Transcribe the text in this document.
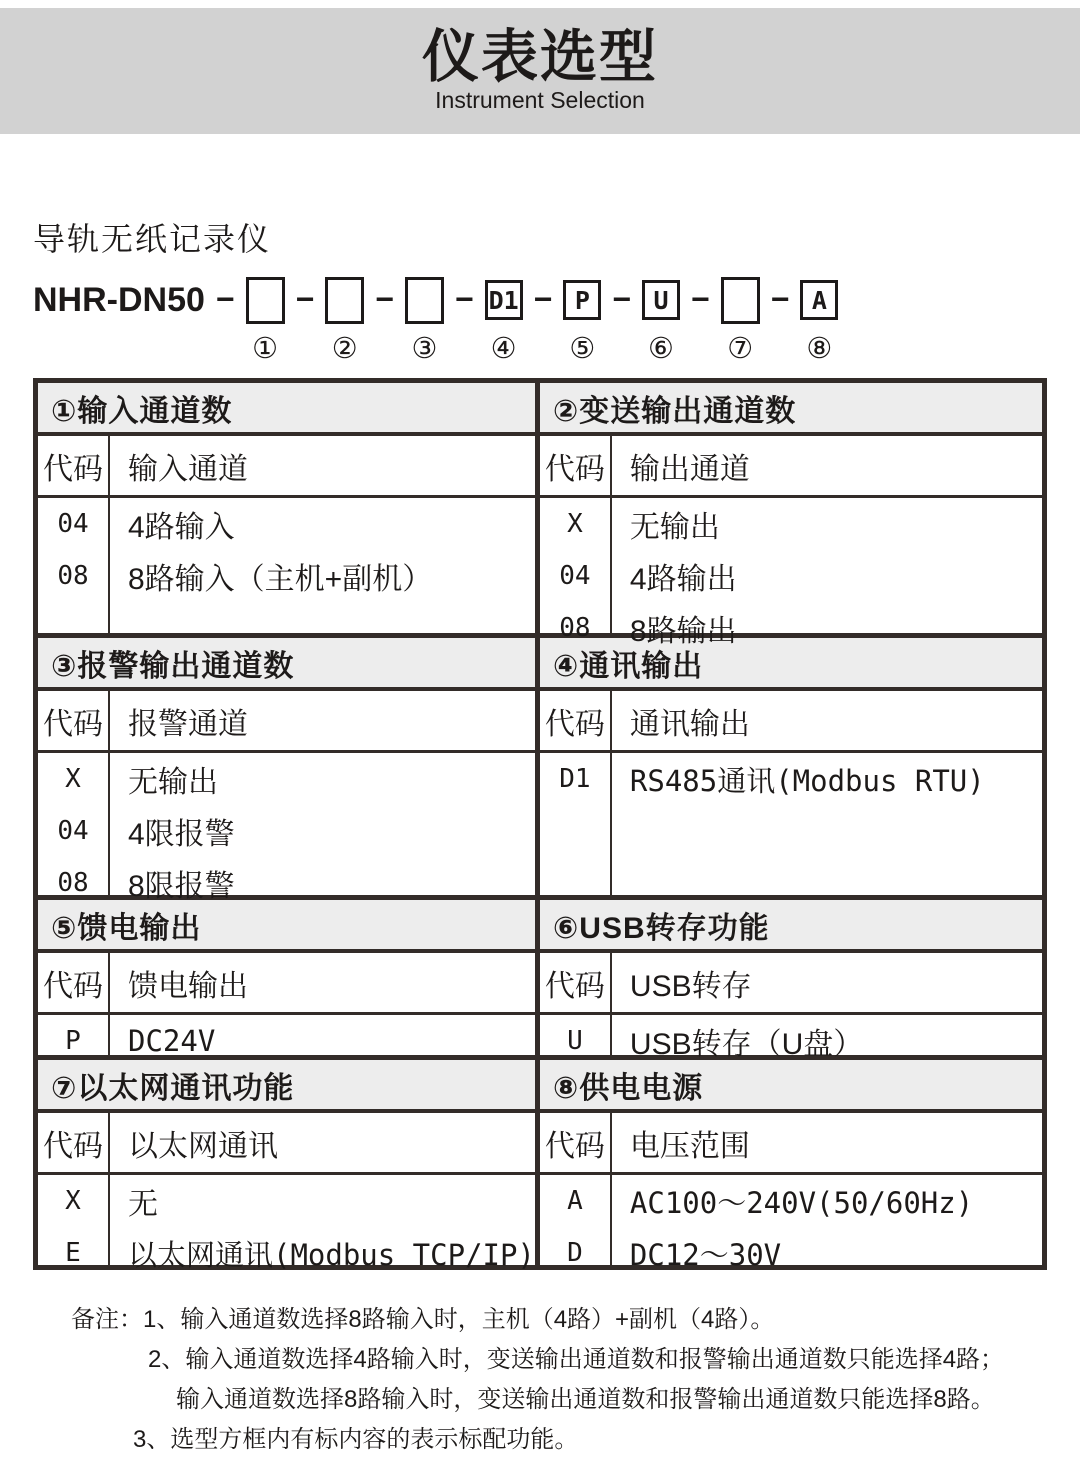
仪表选型
Instrument Selection
导轨无纸记录仪
NHR-DN50 −
①
−
②
−
③
− D1
④
− P
⑤
− U
⑥
−
⑦
− A
⑧
①输入通道数
代码 输入通道
04	4路输入
08	8路输入（主机+副机）
②变送输出通道数
代码 输出通道
X	无输出
04	4路输出
08	8路输出
③报警输出通道数
代码 报警通道
X	无输出
04	4限报警
08	8限报警
④通讯输出
代码 通讯输出
D1	RS485通讯(Modbus RTU)
⑤馈电输出
代码 馈电输出
P	DC24V
⑥USB转存功能
代码 USB转存
U	USB转存（U盘）
⑦以太网通讯功能
代码 以太网通讯
X	无
E	以太网通讯(Modbus TCP/IP)
⑧供电电源
代码 电压范围
A	AC100～240V(50/60Hz)
D	DC12～30V
备注：1、输入通道数选择8路输入时，主机（4路）+副机（4路）。
2、输入通道数选择4路输入时，变送输出通道数和报警输出通道数只能选择4路；
输入通道数选择8路输入时，变送输出通道数和报警输出通道数只能选择8路。
3、选型方框内有标内容的表示标配功能。
